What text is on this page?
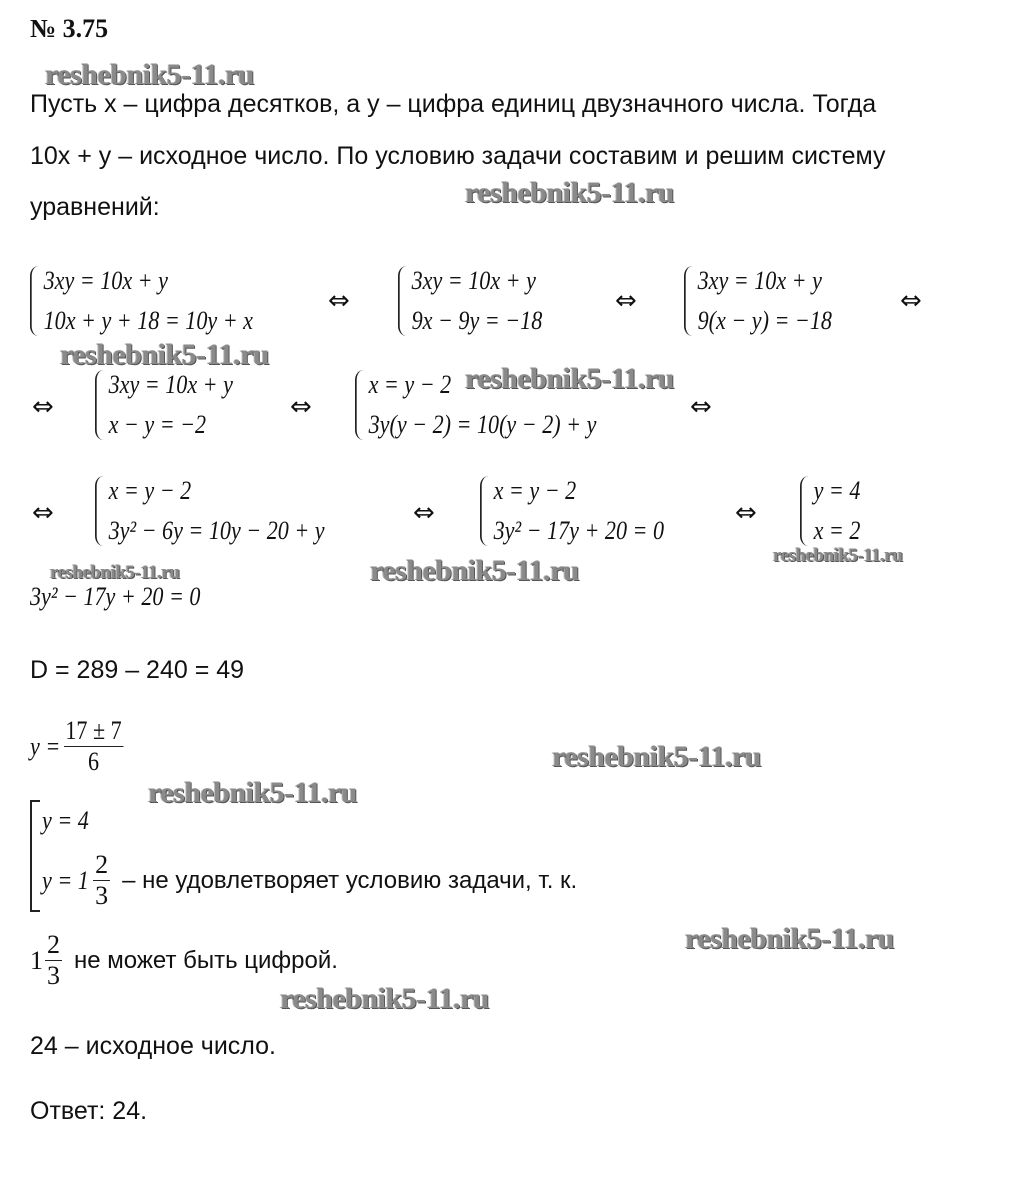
№ 3.75
reshebnik5-11.ru
Пусть x – цифра десятков, а y – цифра единиц двузначного числа. Тогда
10x + y – исходное число. По условию задачи составим и решим систему
уравнений:	reshebnik5-11.ru
3xy = 10x + y
10x + y + 18 = 10y + x
⇔
3xy = 10x + y
9x − 9y = −18
⇔
3xy = 10x + y
9(x − y) = −18
⇔
reshebnik5-11.ru
⇔
3xy = 10x + y
x − y = −2
⇔
x = y − 2
3y(y − 2) = 10(y − 2) + y
reshebnik5-11.ru
⇔
⇔
x = y − 2
3y² − 6y = 10y − 20 + y
⇔
x = y − 2
3y² − 17y + 20 = 0
⇔
y = 4
x = 2
reshebnik5-11.ru	reshebnik5-11.ru	reshebnik5-11.ru
3y² − 17y + 20 = 0
D = 289 – 240 = 49
$y = \frac{17 \pm 7}{6}$	reshebnik5-11.ru
reshebnik5-11.ru
y = 4
$y = 1 \frac{2}{3}$ – не удовлетворяет условию задачи, т. к.
reshebnik5-11.ru
$1 \frac{2}{3}$ не может быть цифрой.
reshebnik5-11.ru
24 – исходное число.
Ответ: 24.
